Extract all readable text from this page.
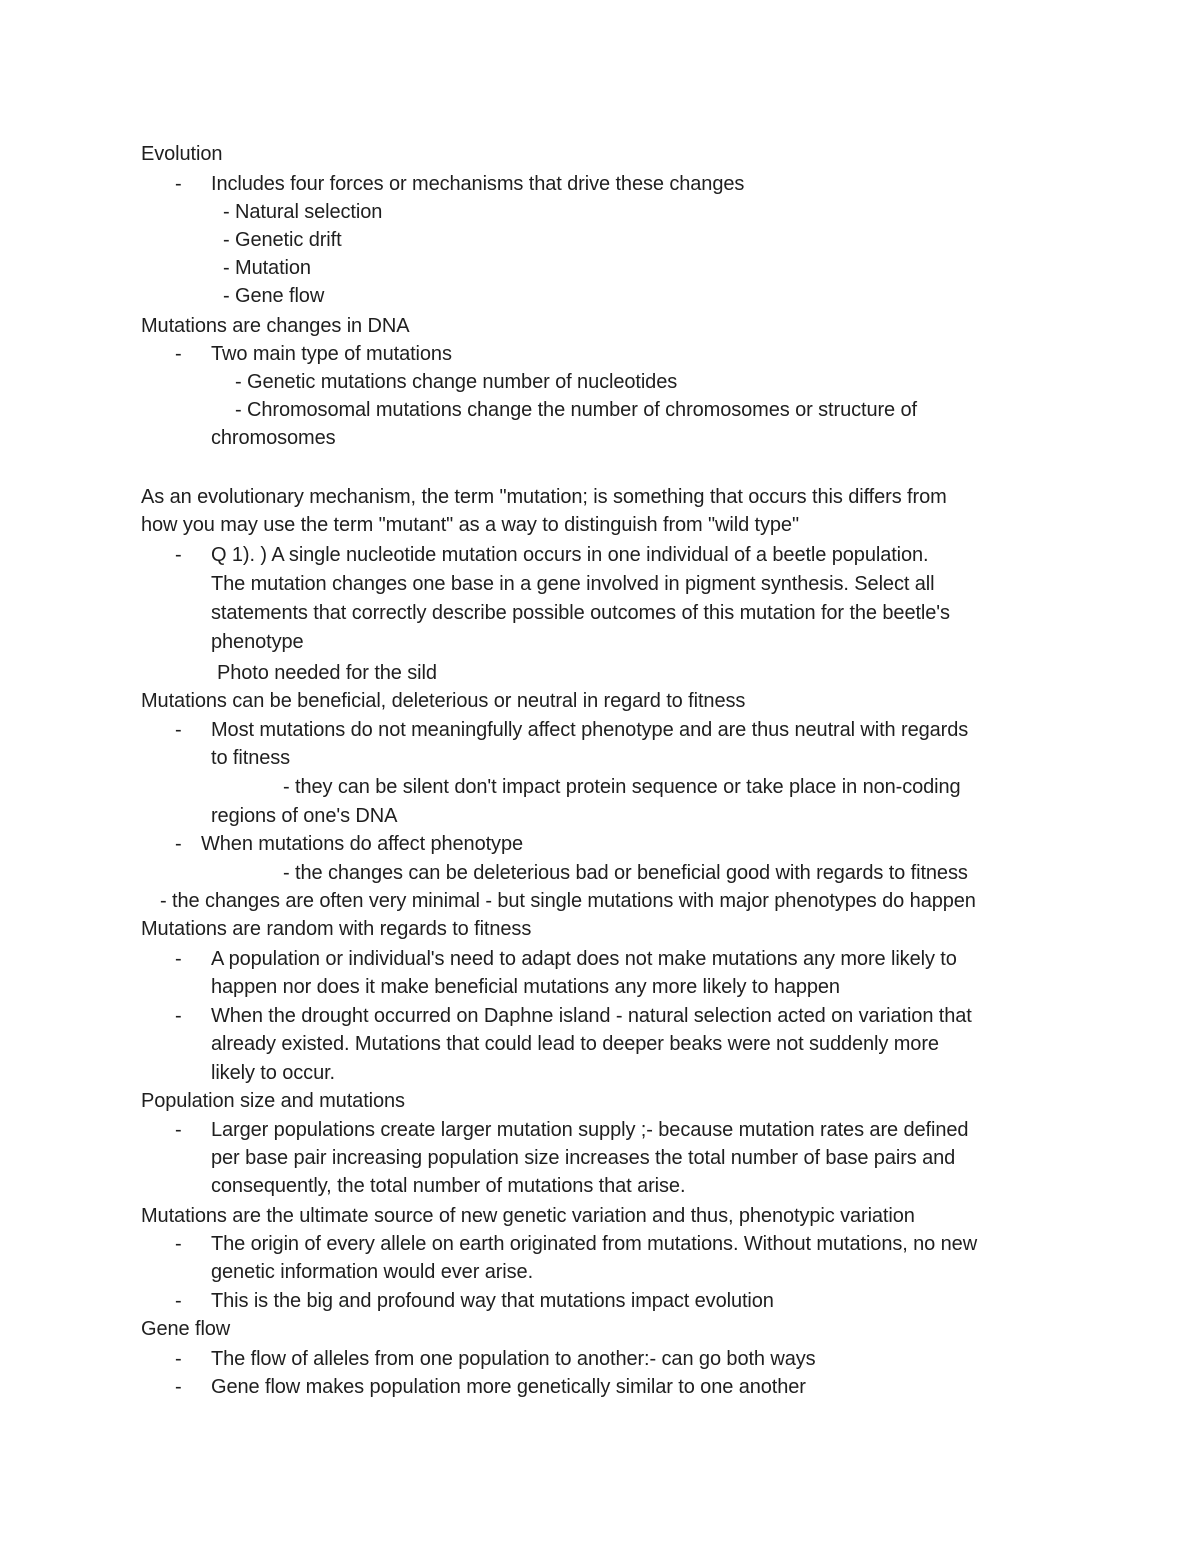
Evolution
- Includes four forces or mechanisms that drive these changes
- Natural selection
- Genetic drift
- Mutation
- Gene flow
Mutations are changes in DNA
- Two main type of mutations
- Genetic mutations change number of nucleotides
- Chromosomal mutations change the number of chromosomes or structure of
chromosomes
As an evolutionary mechanism, the term "mutation; is something that occurs this differs from
how you may use the term "mutant" as a way to distinguish from "wild type"
- Q 1). ) A single nucleotide mutation occurs in one individual of a beetle population.
The mutation changes one base in a gene involved in pigment synthesis. Select all
statements that correctly describe possible outcomes of this mutation for the beetle's
phenotype
Photo needed for the sild
Mutations can be beneficial, deleterious or neutral in regard to fitness
- Most mutations do not meaningfully affect phenotype and are thus neutral with regards
to fitness
- they can be silent don't impact protein sequence or take place in non-coding
regions of one's DNA
- When mutations do affect phenotype
- the changes can be deleterious bad or beneficial good with regards to fitness
- the changes are often very minimal - but single mutations with major phenotypes do happen
Mutations are random with regards to fitness
- A population or individual's need to adapt does not make mutations any more likely to
happen nor does it make beneficial mutations any more likely to happen
- When the drought occurred on Daphne island - natural selection acted on variation that
already existed. Mutations that could lead to deeper beaks were not suddenly more
likely to occur.
Population size and mutations
- Larger populations create larger mutation supply ;- because mutation rates are defined
per base pair increasing population size increases the total number of base pairs and
consequently, the total number of mutations that arise.
Mutations are the ultimate source of new genetic variation and thus, phenotypic variation
- The origin of every allele on earth originated from mutations. Without mutations, no new
genetic information would ever arise.
- This is the big and profound way that mutations impact evolution
Gene flow
- The flow of alleles from one population to another:- can go both ways
- Gene flow makes population more genetically similar to one another
